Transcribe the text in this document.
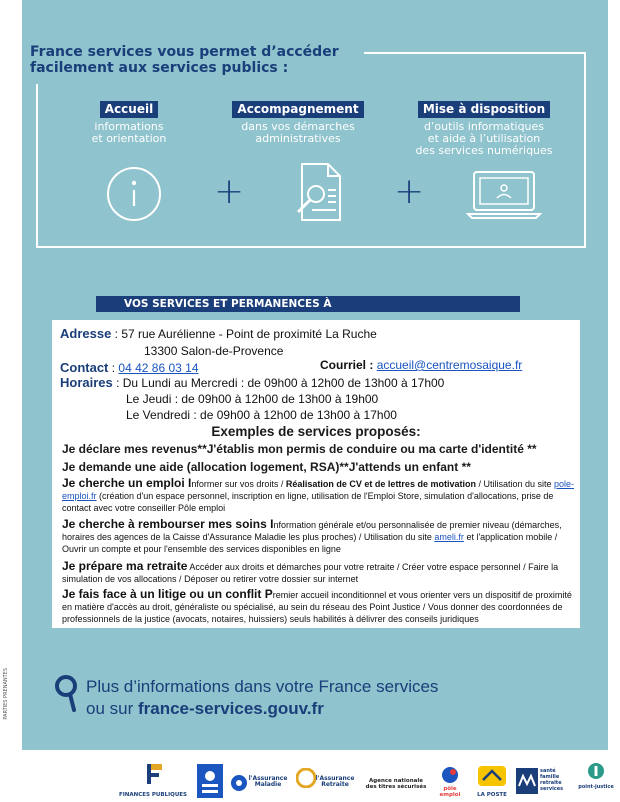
PARTIES PRENANTES
France services vous permet d’accéder
facilement aux services publics :
Accueil
informations
et orientation
Accompagnement
dans vos démarches
administratives
Mise à disposition
d’outils informatiques
et aide à l’utilisation
des services numériques
+	+
VOS SERVICES ET PERMANENCES À
Adresse : 57 rue Aurélienne - Point de proximité La Ruche
13300 Salon-de-Provence
Contact : 04 42 86 03 14	Courriel : accueil@centremosaique.fr
Horaires : Du Lundi au Mercredi : de 09h00 à 12h00 de 13h00 à 17h00
Le Jeudi : de 09h00 à 12h00 de 13h00 à 19h00
Le Vendredi : de 09h00 à 12h00 de 13h00 à 17h00
Exemples de services proposés:
Je déclare mes revenus**J'établis mon permis de conduire ou ma carte d'identité **
Je demande une aide (allocation logement, RSA)**J'attends un enfant **
Je cherche un emploi Informer sur vos droits / Réalisation de CV et de lettres de motivation / Utilisation du site pole-emploi.fr (création d'un espace personnel, inscription en ligne, utilisation de l'Emploi Store, simulation d'allocations, prise de contact avec votre conseiller Pôle emploi
Je cherche à rembourser mes soins Information générale et/ou personnalisée de premier niveau (démarches, horaires des agences de la Caisse d'Assurance Maladie les plus proches) / Utilisation du site ameli.fr et l'application mobile / Ouvrir un compte et pour l'ensemble des services disponibles en ligne
Je prépare ma retraite Accéder aux droits et démarches pour votre retraite / Créer votre espace personnel / Faire la simulation de vos allocations / Déposer ou retirer votre dossier sur internet
Je fais face à un litige ou un conflit Premier accueil inconditionnel et vous orienter vers un dispositif de proximité en matière d'accès au droit, généraliste ou spécialisé, au sein du réseau des Point Justice / Vous donner des coordonnées de professionnels de la justice (avocats, notaires, huissiers) seuls habilités à délivrer des conseils juridiques
Plus d’informations dans votre France services
ou sur france-services.gouv.fr
FINANCES PUBLIQUES
l'Assurance Maladie
l'Assurance Retraite	Agence nationale des titres sécurisés	pôle emploi	LA POSTE
santé famille retraite services	point-justice
